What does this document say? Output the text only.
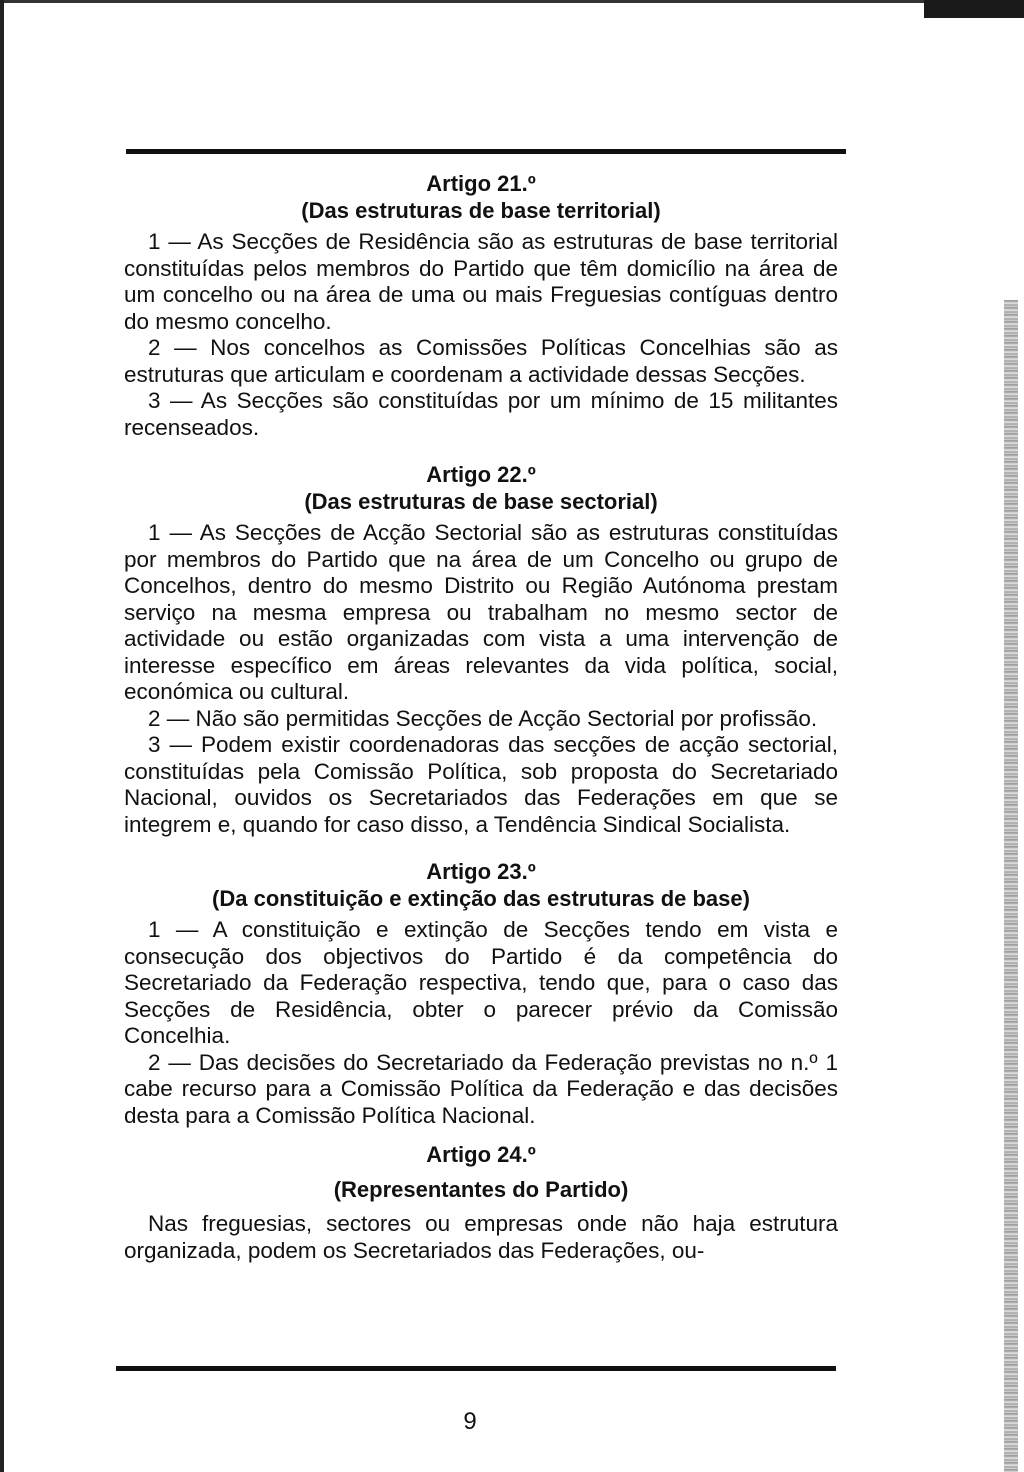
Artigo 21.º
(Das estruturas de base territorial)

1 — As Secções de Residência são as estruturas de base territorial constituídas pelos membros do Partido que têm domicílio na área de um concelho ou na área de uma ou mais Freguesias contíguas dentro do mesmo concelho.

2 — Nos concelhos as Comissões Políticas Concelhias são as estruturas que articulam e coordenam a actividade dessas Secções.

3 — As Secções são constituídas por um mínimo de 15 militantes recenseados.

Artigo 22.º
(Das estruturas de base sectorial)

1 — As Secções de Acção Sectorial são as estruturas constituídas por membros do Partido que na área de um Concelho ou grupo de Concelhos, dentro do mesmo Distrito ou Região Autónoma prestam serviço na mesma empresa ou trabalham no mesmo sector de actividade ou estão organizadas com vista a uma intervenção de interesse específico em áreas relevantes da vida política, social, económica ou cultural.

2 — Não são permitidas Secções de Acção Sectorial por profissão.

3 — Podem existir coordenadoras das secções de acção sectorial, constituídas pela Comissão Política, sob proposta do Secretariado Nacional, ouvidos os Secretariados das Federações em que se integrem e, quando for caso disso, a Tendência Sindical Socialista.

Artigo 23.º
(Da constituição e extinção das estruturas de base)

1 — A constituição e extinção de Secções tendo em vista e consecução dos objectivos do Partido é da competência do Secretariado da Federação respectiva, tendo que, para o caso das Secções de Residência, obter o parecer prévio da Comissão Concelhia.

2 — Das decisões do Secretariado da Federação previstas no n.º 1 cabe recurso para a Comissão Política da Federação e das decisões desta para a Comissão Política Nacional.

Artigo 24.º
(Representantes do Partido)

Nas freguesias, sectores ou empresas onde não haja estrutura organizada, podem os Secretariados das Federações, ou-

9
